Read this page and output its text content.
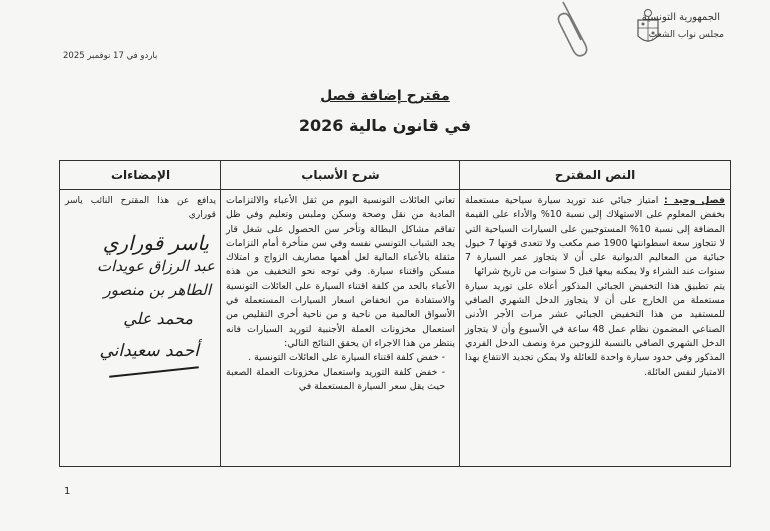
الجمهورية التونسية
مجلس نواب الشعب
باردو في 17 نوفمبر 2025
مقترح إضافة فصل
في قانون مالية 2026
النص المقترح

فصل وحيد : امتياز جبائي عند توريد سيارة سياحية مستعملة بخفض المعلوم على الاستهلاك إلى نسبة 10% والأداء على القيمة المضافة إلى نسبة 10% المستوجبين على السيارات السياحية التي لا تتجاوز سعة اسطوانتها 1900 صم مكعب ولا تتعدى قوتها 7 خيول جبائية من المعاليم الديوانية على أن لا يتجاوز عمر السيارة 7 سنوات عند الشراء ولا يمكنه بيعها قبل 5 سنوات من تاريخ شرائها

يتم تطبيق هذا التخفيض الجبائي المذكور أعلاه على توريد سيارة مستعملة من الخارج على أن لا يتجاوز الدخل الشهري الصافي للمستفيد من هذا التخفيض الجبائي عشر مرات الأجر الأدنى الصناعي المضمون نظام عمل 48 ساعة في الأسبوع وأن لا يتجاوز الدخل الشهري الصافي بالنسبة للزوجين مرة ونصف الدخل الفردي المذكور وفي حدود سيارة واحدة للعائلة ولا يمكن تجديد الانتفاع بهذا الامتياز لنفس العائلة.

شرح الأسباب

تعاني العائلات التونسية اليوم من ثقل الأعباء والالتزامات المادية من نقل وصحة وسكن وملبس وتعليم وفي ظل تفاقم مشاكل البطالة وتأخر سن الحصول على شغل قار يجد الشباب التونسي نفسه وفي سن متأخرة أمام التزامات مثقلة بالأعباء المالية لعل أهمها مصاريف الزواج و امتلاك مسكن واقتناء سيارة. وفي توجه نحو التخفيف من هذه الأعباء بالحد من كلفة اقتناء السيارة على العائلات التونسية والاستفادة من انخفاض اسعار السيارات المستعملة في الأسواق العالمية من ناحية و من ناحية أخرى التقليص من استعمال مخزونات العملة الأجنبية لتوريد السيارات فانه ينتظر من هذا الاجراء ان يحقق النتائج التالي:

- خفض كلفة اقتناء السيارة على العائلات التونسية .

- خفض كلفة التوريد واستعمال مخزونات العملة الصعبة حيث يقل سعر السيارة المستعملة في

الإمضاءات
يدافع عن هذا المقترح النائب ياسر قوراري
ياسر قوراري
عبد الرزاق عويدات
الطاهر بن منصور
محمد علي
أحمد سعيداني
1
